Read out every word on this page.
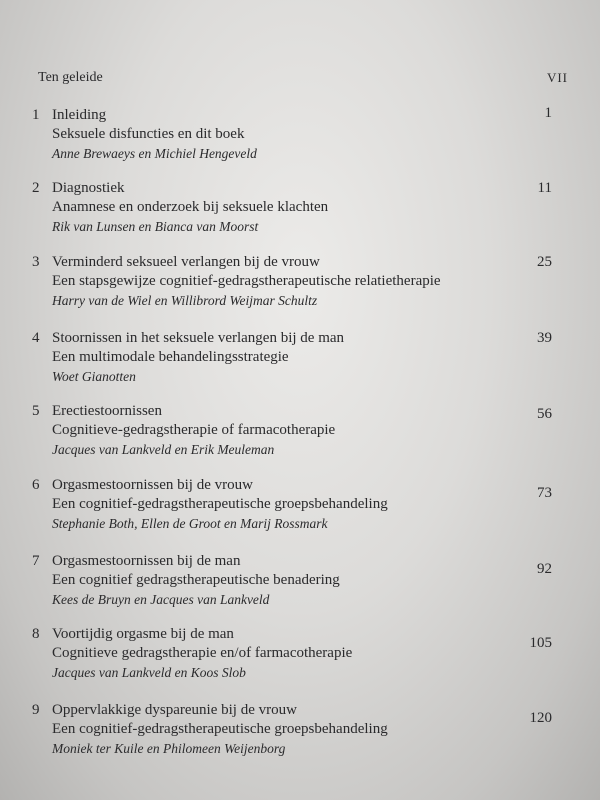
Ten geleide	VII
1 Inleiding
Seksuele disfuncties en dit boek
Anne Brewaeys en Michiel Hengeveld
1
2 Diagnostiek
Anamnese en onderzoek bij seksuele klachten
Rik van Lunsen en Bianca van Moorst
11
3 Verminderd seksueel verlangen bij de vrouw
Een stapsgewijze cognitief-gedragstherapeutische relatietherapie
Harry van de Wiel en Willibrord Weijmar Schultz
25
4 Stoornissen in het seksuele verlangen bij de man
Een multimodale behandelingsstrategie
Woet Gianotten
39
5 Erectiestoornissen
Cognitieve-gedragstherapie of farmacotherapie
Jacques van Lankveld en Erik Meuleman
56
6 Orgasmestoornissen bij de vrouw
Een cognitief-gedragstherapeutische groepsbehandeling
Stephanie Both, Ellen de Groot en Marij Rossmark
73
7 Orgasmestoornissen bij de man
Een cognitief gedragstherapeutische benadering
Kees de Bruyn en Jacques van Lankveld
92
8 Voortijdig orgasme bij de man
Cognitieve gedragstherapie en/of farmacotherapie
Jacques van Lankveld en Koos Slob
105
9 Oppervlakkige dyspareunie bij de vrouw
Een cognitief-gedragstherapeutische groepsbehandeling
Moniek ter Kuile en Philomeen Weijenborg
120
